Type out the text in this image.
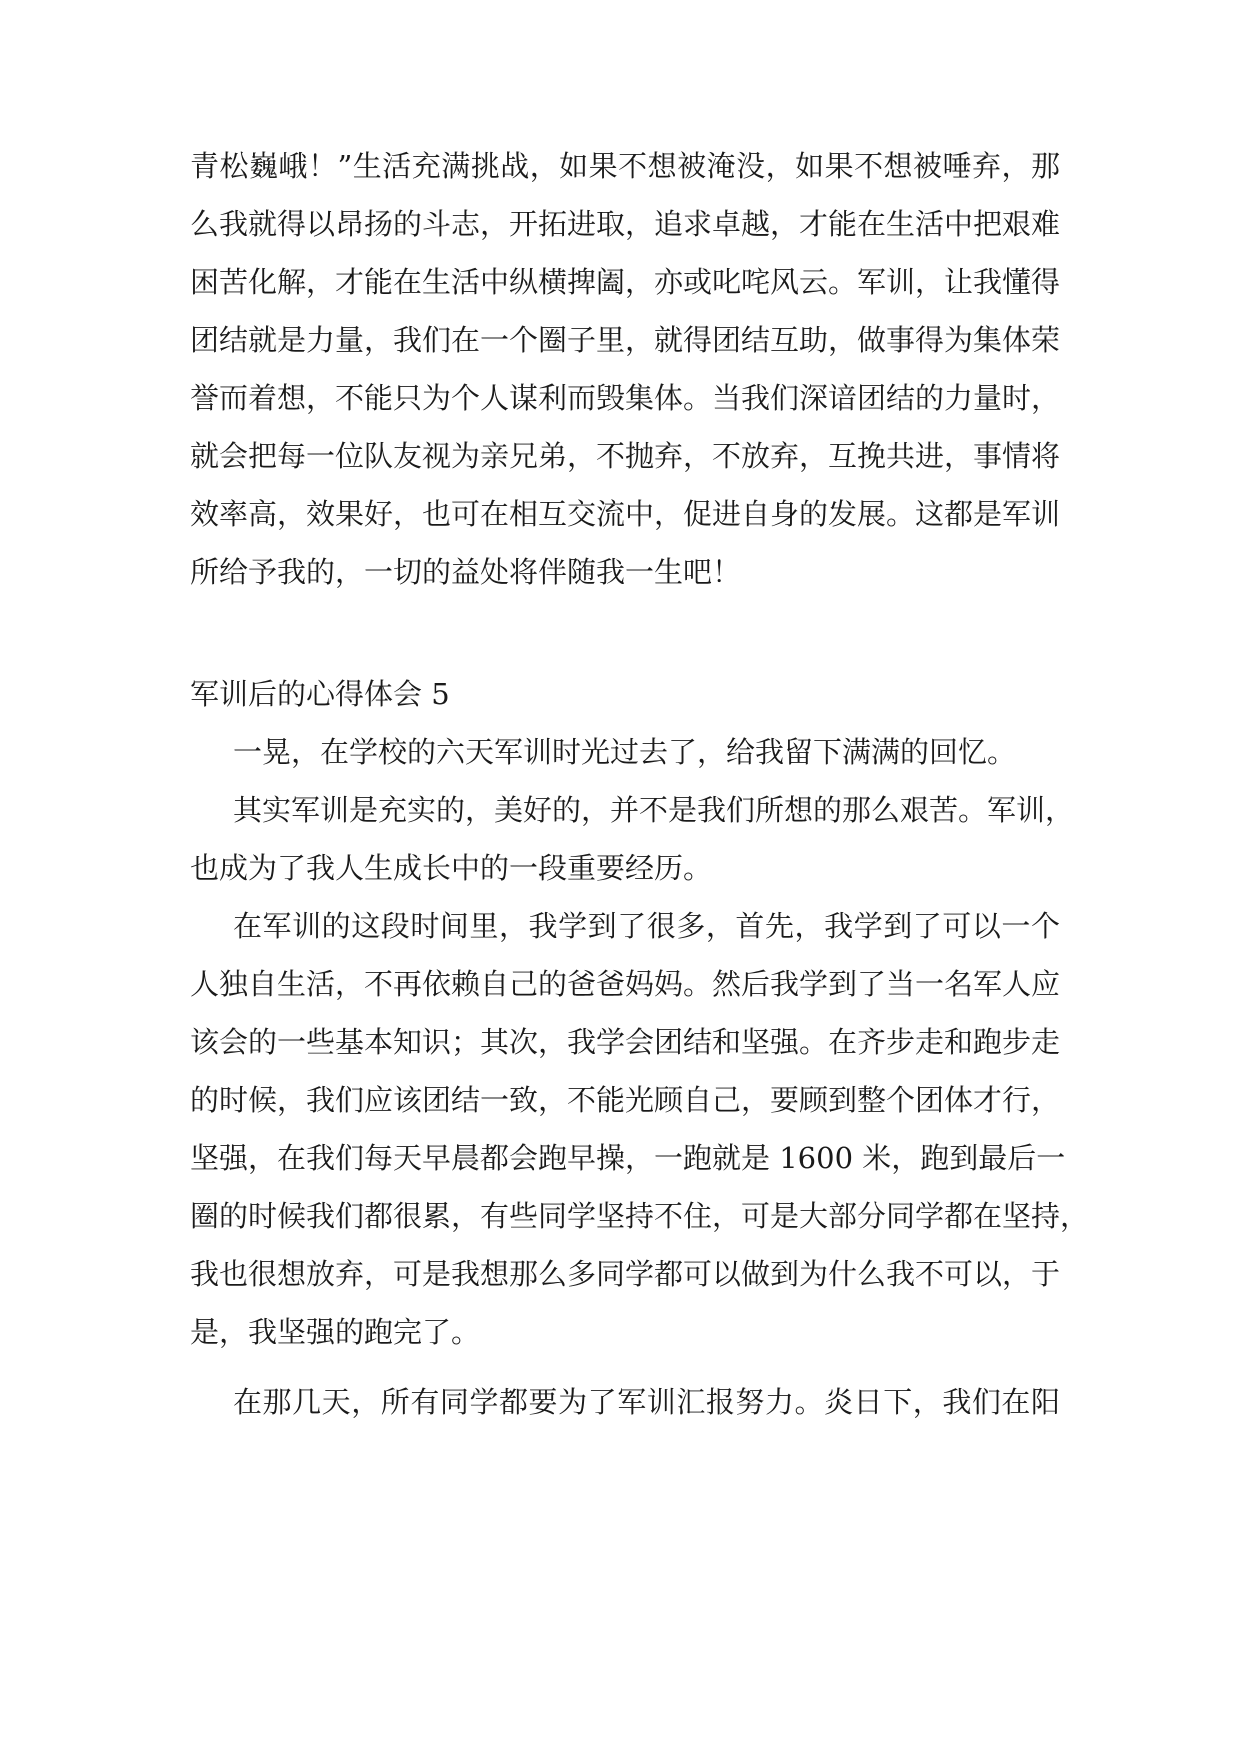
青松巍峨！”生活充满挑战，如果不想被淹没，如果不想被唾弃，那
么我就得以昂扬的斗志，开拓进取，追求卓越，才能在生活中把艰难
困苦化解，才能在生活中纵横捭阖，亦或叱咤风云。军训，让我懂得
团结就是力量，我们在一个圈子里，就得团结互助，做事得为集体荣
誉而着想，不能只为个人谋利而毁集体。当我们深谙团结的力量时，
就会把每一位队友视为亲兄弟，不抛弃，不放弃，互挽共进，事情将
效率高，效果好，也可在相互交流中，促进自身的发展。这都是军训
所给予我的，一切的益处将伴随我一生吧！
军训后的心得体会 5
一晃，在学校的六天军训时光过去了，给我留下满满的回忆。
其实军训是充实的，美好的，并不是我们所想的那么艰苦。军训，
也成为了我人生成长中的一段重要经历。
在军训的这段时间里，我学到了很多，首先，我学到了可以一个
人独自生活，不再依赖自己的爸爸妈妈。然后我学到了当一名军人应
该会的一些基本知识；其次，我学会团结和坚强。在齐步走和跑步走
的时候，我们应该团结一致，不能光顾自己，要顾到整个团体才行，
坚强，在我们每天早晨都会跑早操，一跑就是 1600 米，跑到最后一
圈的时候我们都很累，有些同学坚持不住，可是大部分同学都在坚持，
我也很想放弃，可是我想那么多同学都可以做到为什么我不可以，于
是，我坚强的跑完了。
在那几天，所有同学都要为了军训汇报努力。炎日下，我们在阳
